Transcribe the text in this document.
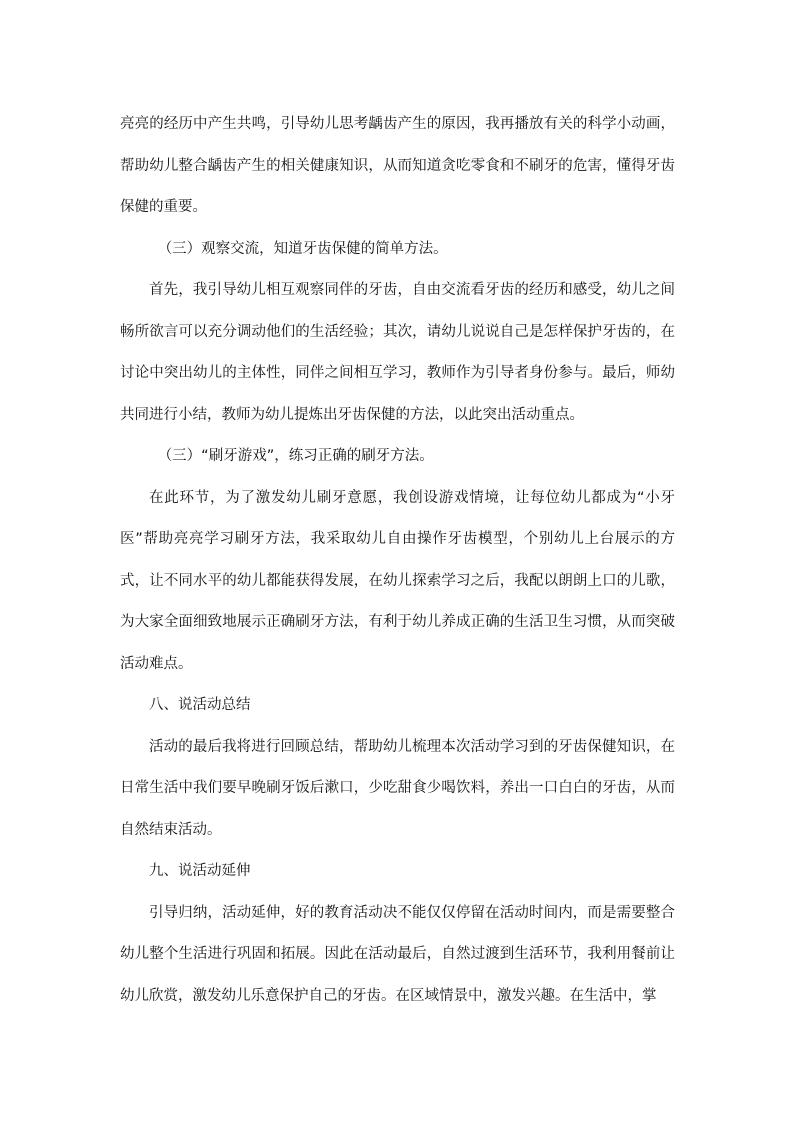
亮亮的经历中产生共鸣，引导幼儿思考龋齿产生的原因，我再播放有关的科学小动画，帮助幼儿整合龋齿产生的相关健康知识，从而知道贪吃零食和不刷牙的危害，懂得牙齿保健的重要。

（三）观察交流，知道牙齿保健的简单方法。

首先，我引导幼儿相互观察同伴的牙齿，自由交流看牙齿的经历和感受，幼儿之间畅所欲言可以充分调动他们的生活经验；其次，请幼儿说说自己是怎样保护牙齿的，在讨论中突出幼儿的主体性，同伴之间相互学习，教师作为引导者身份参与。最后，师幼共同进行小结，教师为幼儿提炼出牙齿保健的方法，以此突出活动重点。

（三）“刷牙游戏”，练习正确的刷牙方法。

在此环节，为了激发幼儿刷牙意愿，我创设游戏情境，让每位幼儿都成为“小牙医”帮助亮亮学习刷牙方法，我采取幼儿自由操作牙齿模型，个别幼儿上台展示的方式，让不同水平的幼儿都能获得发展，在幼儿探索学习之后，我配以朗朗上口的儿歌，为大家全面细致地展示正确刷牙方法，有利于幼儿养成正确的生活卫生习惯，从而突破活动难点。

八、说活动总结

活动的最后我将进行回顾总结，帮助幼儿梳理本次活动学习到的牙齿保健知识，在日常生活中我们要早晚刷牙饭后漱口，少吃甜食少喝饮料，养出一口白白的牙齿，从而自然结束活动。

九、说活动延伸

引导归纳，活动延伸，好的教育活动决不能仅仅停留在活动时间内，而是需要整合幼儿整个生活进行巩固和拓展。因此在活动最后，自然过渡到生活环节，我利用餐前让幼儿欣赏，激发幼儿乐意保护自己的牙齿。在区域情景中，激发兴趣。在生活中，掌
